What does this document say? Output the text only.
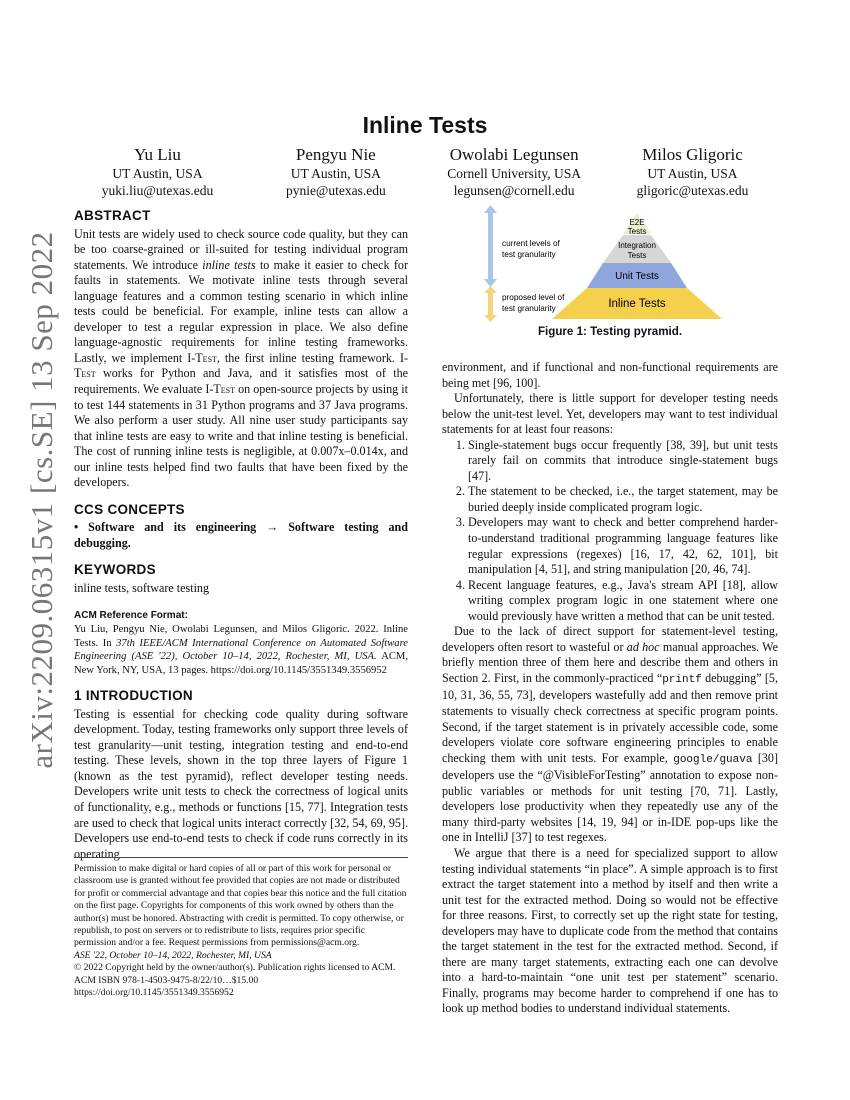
arXiv:2209.06315v1 [cs.SE] 13 Sep 2022
Inline Tests
Yu Liu
UT Austin, USA
yuki.liu@utexas.edu
Pengyu Nie
UT Austin, USA
pynie@utexas.edu
Owolabi Legunsen
Cornell University, USA
legunsen@cornell.edu
Milos Gligoric
UT Austin, USA
gligoric@utexas.edu
ABSTRACT

Unit tests are widely used to check source code quality, but they can be too coarse-grained or ill-suited for testing individual program statements. We introduce inline tests to make it easier to check for faults in statements. We motivate inline tests through several language features and a common testing scenario in which inline tests could be beneficial. For example, inline tests can allow a developer to test a regular expression in place. We also define language-agnostic requirements for inline testing frameworks. Lastly, we implement I-Test, the first inline testing framework. I-Test works for Python and Java, and it satisfies most of the requirements. We evaluate I-Test on open-source projects by using it to test 144 statements in 31 Python programs and 37 Java programs. We also perform a user study. All nine user study participants say that inline tests are easy to write and that inline testing is beneficial. The cost of running inline tests is negligible, at 0.007x–0.014x, and our inline tests helped find two faults that have been fixed by the developers.

CCS CONCEPTS

• Software and its engineering → Software testing and debugging.

KEYWORDS

inline tests, software testing

ACM Reference Format:

Yu Liu, Pengyu Nie, Owolabi Legunsen, and Milos Gligoric. 2022. Inline Tests. In 37th IEEE/ACM International Conference on Automated Software Engineering (ASE '22), October 10–14, 2022, Rochester, MI, USA. ACM, New York, NY, USA, 13 pages. https://doi.org/10.1145/3551349.3556952

1 INTRODUCTION

Testing is essential for checking code quality during software development. Today, testing frameworks only support three levels of test granularity—unit testing, integration testing and end-to-end testing. These levels, shown in the top three layers of Figure 1 (known as the test pyramid), reflect developer testing needs. Developers write unit tests to check the correctness of logical units of functionality, e.g., methods or functions [15, 77]. Integration tests are used to check that logical units interact correctly [32, 54, 69, 95]. Developers use end-to-end tests to check if code runs correctly in its operating

Permission to make digital or hard copies of all or part of this work for personal or classroom use is granted without fee provided that copies are not made or distributed for profit or commercial advantage and that copies bear this notice and the full citation on the first page. Copyrights for components of this work owned by others than the author(s) must be honored. Abstracting with credit is permitted. To copy otherwise, or republish, to post on servers or to redistribute to lists, requires prior specific permission and/or a fee. Request permissions from permissions@acm.org.

ASE '22, October 10–14, 2022, Rochester, MI, USA

© 2022 Copyright held by the owner/author(s). Publication rights licensed to ACM.

ACM ISBN 978-1-4503-9475-8/22/10…$15.00

https://doi.org/10.1145/3551349.3556952

current levels of
test granularity
proposed level of
test granularity
E2E
Tests
Integration
Tests
Unit Tests
Inline Tests
Figure 1: Testing pyramid.

environment, and if functional and non-functional requirements are being met [96, 100].

Unfortunately, there is little support for developer testing needs below the unit-test level. Yet, developers may want to test individual statements for at least four reasons:

1. Single-statement bugs occur frequently [38, 39], but unit tests rarely fail on commits that introduce single-statement bugs [47].
2. The statement to be checked, i.e., the target statement, may be buried deeply inside complicated program logic.
3. Developers may want to check and better comprehend harder-to-understand traditional programming language features like regular expressions (regexes) [16, 17, 42, 62, 101], bit manipulation [4, 51], and string manipulation [20, 46, 74].
4. Recent language features, e.g., Java's stream API [18], allow writing complex program logic in one statement where one would previously have written a method that can be unit tested.

Due to the lack of direct support for statement-level testing, developers often resort to wasteful or ad hoc manual approaches. We briefly mention three of them here and describe them and others in Section 2. First, in the commonly-practiced “printf debugging” [5, 10, 31, 36, 55, 73], developers wastefully add and then remove print statements to visually check correctness at specific program points. Second, if the target statement is in privately accessible code, some developers violate core software engineering principles to enable checking them with unit tests. For example, google/guava [30] developers use the “@VisibleForTesting” annotation to expose non-public variables or methods for unit testing [70, 71]. Lastly, developers lose productivity when they repeatedly use any of the many third-party websites [14, 19, 94] or in-IDE pop-ups like the one in IntelliJ [37] to test regexes.

We argue that there is a need for specialized support to allow testing individual statements “in place”. A simple approach is to first extract the target statement into a method by itself and then write a unit test for the extracted method. Doing so would not be effective for three reasons. First, to correctly set up the right state for testing, developers may have to duplicate code from the method that contains the target statement in the test for the extracted method. Second, if there are many target statements, extracting each one can devolve into a hard-to-maintain “one unit test per statement” scenario. Finally, programs may become harder to comprehend if one has to look up method bodies to understand individual statements.
